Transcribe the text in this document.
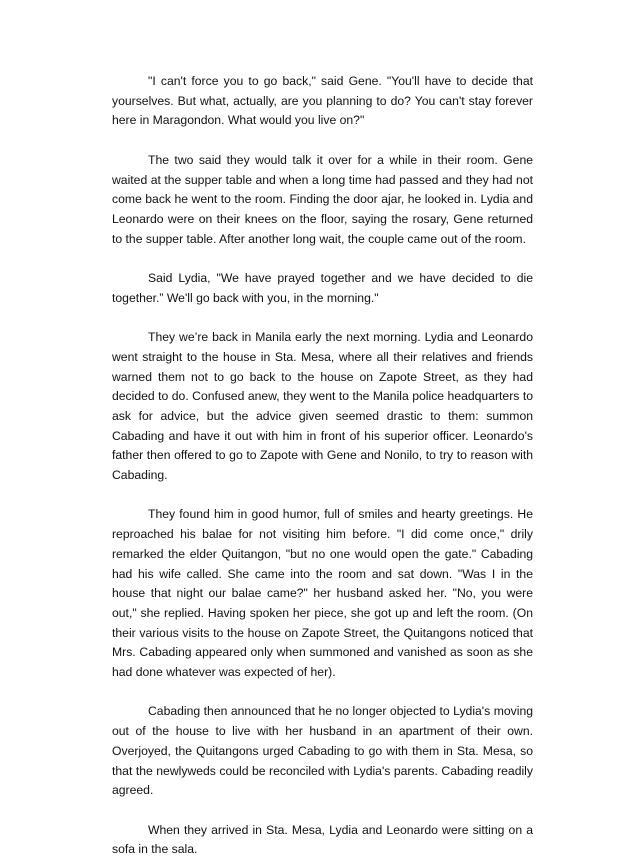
"I can't force you to go back," said Gene. "You'll have to decide that yourselves. But what, actually, are you planning to do? You can't stay forever here in Maragondon. What would you live on?"

The two said they would talk it over for a while in their room. Gene waited at the supper table and when a long time had passed and they had not come back he went to the room. Finding the door ajar, he looked in. Lydia and Leonardo were on their knees on the floor, saying the rosary, Gene returned to the supper table. After another long wait, the couple came out of the room.

Said Lydia, "We have prayed together and we have decided to die together.” We'll go back with you, in the morning."

They we’re back in Manila early the next morning. Lydia and Leonardo went straight to the house in Sta. Mesa, where all their relatives and friends warned them not to go back to the house on Zapote Street, as they had decided to do. Confused anew, they went to the Manila police headquarters to ask for advice, but the advice given seemed drastic to them: summon Cabading and have it out with him in front of his superior officer. Leonardo's father then offered to go to Zapote with Gene and Nonilo, to try to reason with Cabading.

They found him in good humor, full of smiles and hearty greetings. He reproached his balae for not visiting him before. "I did come once," drily remarked the elder Quitangon, "but no one would open the gate." Cabading had his wife called. She came into the room and sat down. "Was I in the house that night our balae came?" her husband asked her. "No, you were out," she replied. Having spoken her piece, she got up and left the room. (On their various visits to the house on Zapote Street, the Quitangons noticed that Mrs. Cabading appeared only when summoned and vanished as soon as she had done whatever was expected of her).

Cabading then announced that he no longer objected to Lydia's moving out of the house to live with her husband in an apartment of their own. Overjoyed, the Quitangons urged Cabading to go with them in Sta. Mesa, so that the newlyweds could be reconciled with Lydia's parents. Cabading readily agreed.

When they arrived in Sta. Mesa, Lydia and Leonardo were sitting on a sofa in the sala.
